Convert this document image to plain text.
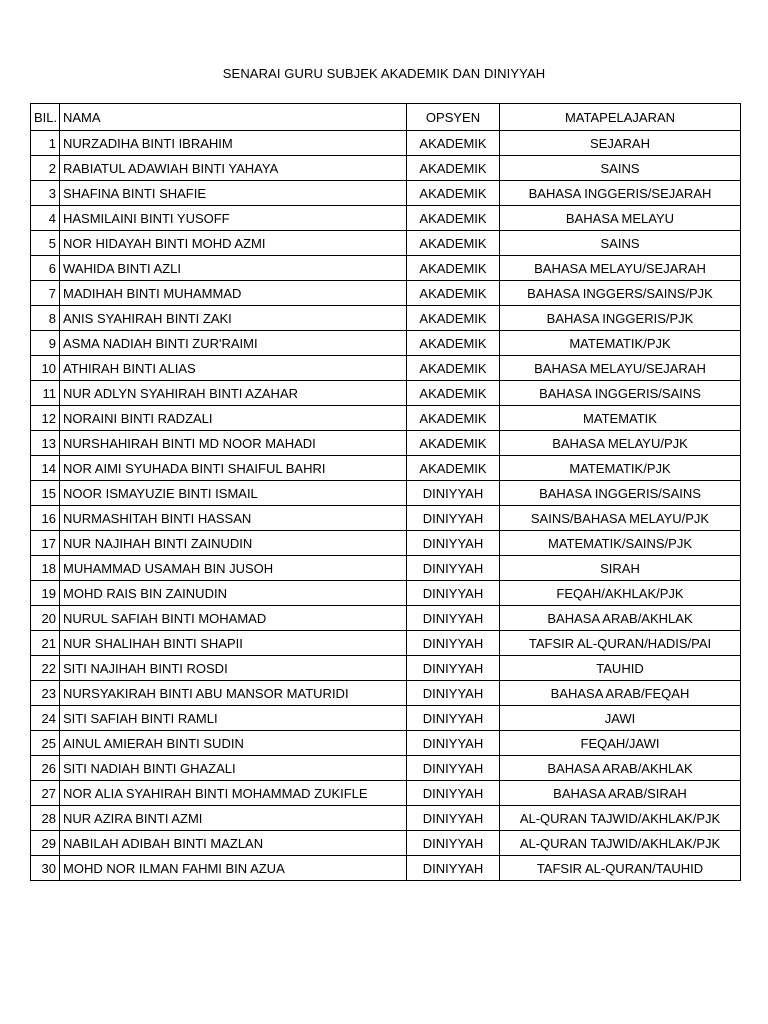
SENARAI GURU SUBJEK AKADEMIK DAN DINIYYAH
BIL.	NAMA	OPSYEN	MATAPELAJARAN
1	NURZADIHA BINTI IBRAHIM	AKADEMIK	SEJARAH
2	RABIATUL ADAWIAH BINTI YAHAYA	AKADEMIK	SAINS
3	SHAFINA BINTI SHAFIE	AKADEMIK	BAHASA INGGERIS/SEJARAH
4	HASMILAINI BINTI YUSOFF	AKADEMIK	BAHASA MELAYU
5	NOR HIDAYAH BINTI MOHD AZMI	AKADEMIK	SAINS
6	WAHIDA BINTI AZLI	AKADEMIK	BAHASA MELAYU/SEJARAH
7	MADIHAH BINTI MUHAMMAD	AKADEMIK	BAHASA INGGERS/SAINS/PJK
8	ANIS SYAHIRAH BINTI ZAKI	AKADEMIK	BAHASA INGGERIS/PJK
9	ASMA NADIAH BINTI ZUR'RAIMI	AKADEMIK	MATEMATIK/PJK
10	ATHIRAH BINTI ALIAS	AKADEMIK	BAHASA MELAYU/SEJARAH
11	NUR ADLYN SYAHIRAH BINTI AZAHAR	AKADEMIK	BAHASA INGGERIS/SAINS
12	NORAINI BINTI RADZALI	AKADEMIK	MATEMATIK
13	NURSHAHIRAH BINTI MD NOOR MAHADI	AKADEMIK	BAHASA MELAYU/PJK
14	NOR AIMI SYUHADA BINTI SHAIFUL BAHRI	AKADEMIK	MATEMATIK/PJK
15	NOOR ISMAYUZIE BINTI ISMAIL	DINIYYAH	BAHASA INGGERIS/SAINS
16	NURMASHITAH BINTI HASSAN	DINIYYAH	SAINS/BAHASA MELAYU/PJK
17	NUR NAJIHAH BINTI ZAINUDIN	DINIYYAH	MATEMATIK/SAINS/PJK
18	MUHAMMAD USAMAH BIN JUSOH	DINIYYAH	SIRAH
19	MOHD RAIS BIN ZAINUDIN	DINIYYAH	FEQAH/AKHLAK/PJK
20	NURUL SAFIAH BINTI MOHAMAD	DINIYYAH	BAHASA ARAB/AKHLAK
21	NUR SHALIHAH BINTI SHAPII	DINIYYAH	TAFSIR AL-QURAN/HADIS/PAI
22	SITI NAJIHAH BINTI ROSDI	DINIYYAH	TAUHID
23	NURSYAKIRAH BINTI ABU MANSOR MATURIDI	DINIYYAH	BAHASA ARAB/FEQAH
24	SITI SAFIAH BINTI RAMLI	DINIYYAH	JAWI
25	AINUL AMIERAH BINTI SUDIN	DINIYYAH	FEQAH/JAWI
26	SITI NADIAH BINTI GHAZALI	DINIYYAH	BAHASA ARAB/AKHLAK
27	NOR ALIA SYAHIRAH BINTI MOHAMMAD ZUKIFLE	DINIYYAH	BAHASA ARAB/SIRAH
28	NUR AZIRA BINTI AZMI	DINIYYAH	AL-QURAN TAJWID/AKHLAK/PJK
29	NABILAH ADIBAH BINTI MAZLAN	DINIYYAH	AL-QURAN TAJWID/AKHLAK/PJK
30	MOHD NOR ILMAN FAHMI BIN AZUA	DINIYYAH	TAFSIR AL-QURAN/TAUHID
